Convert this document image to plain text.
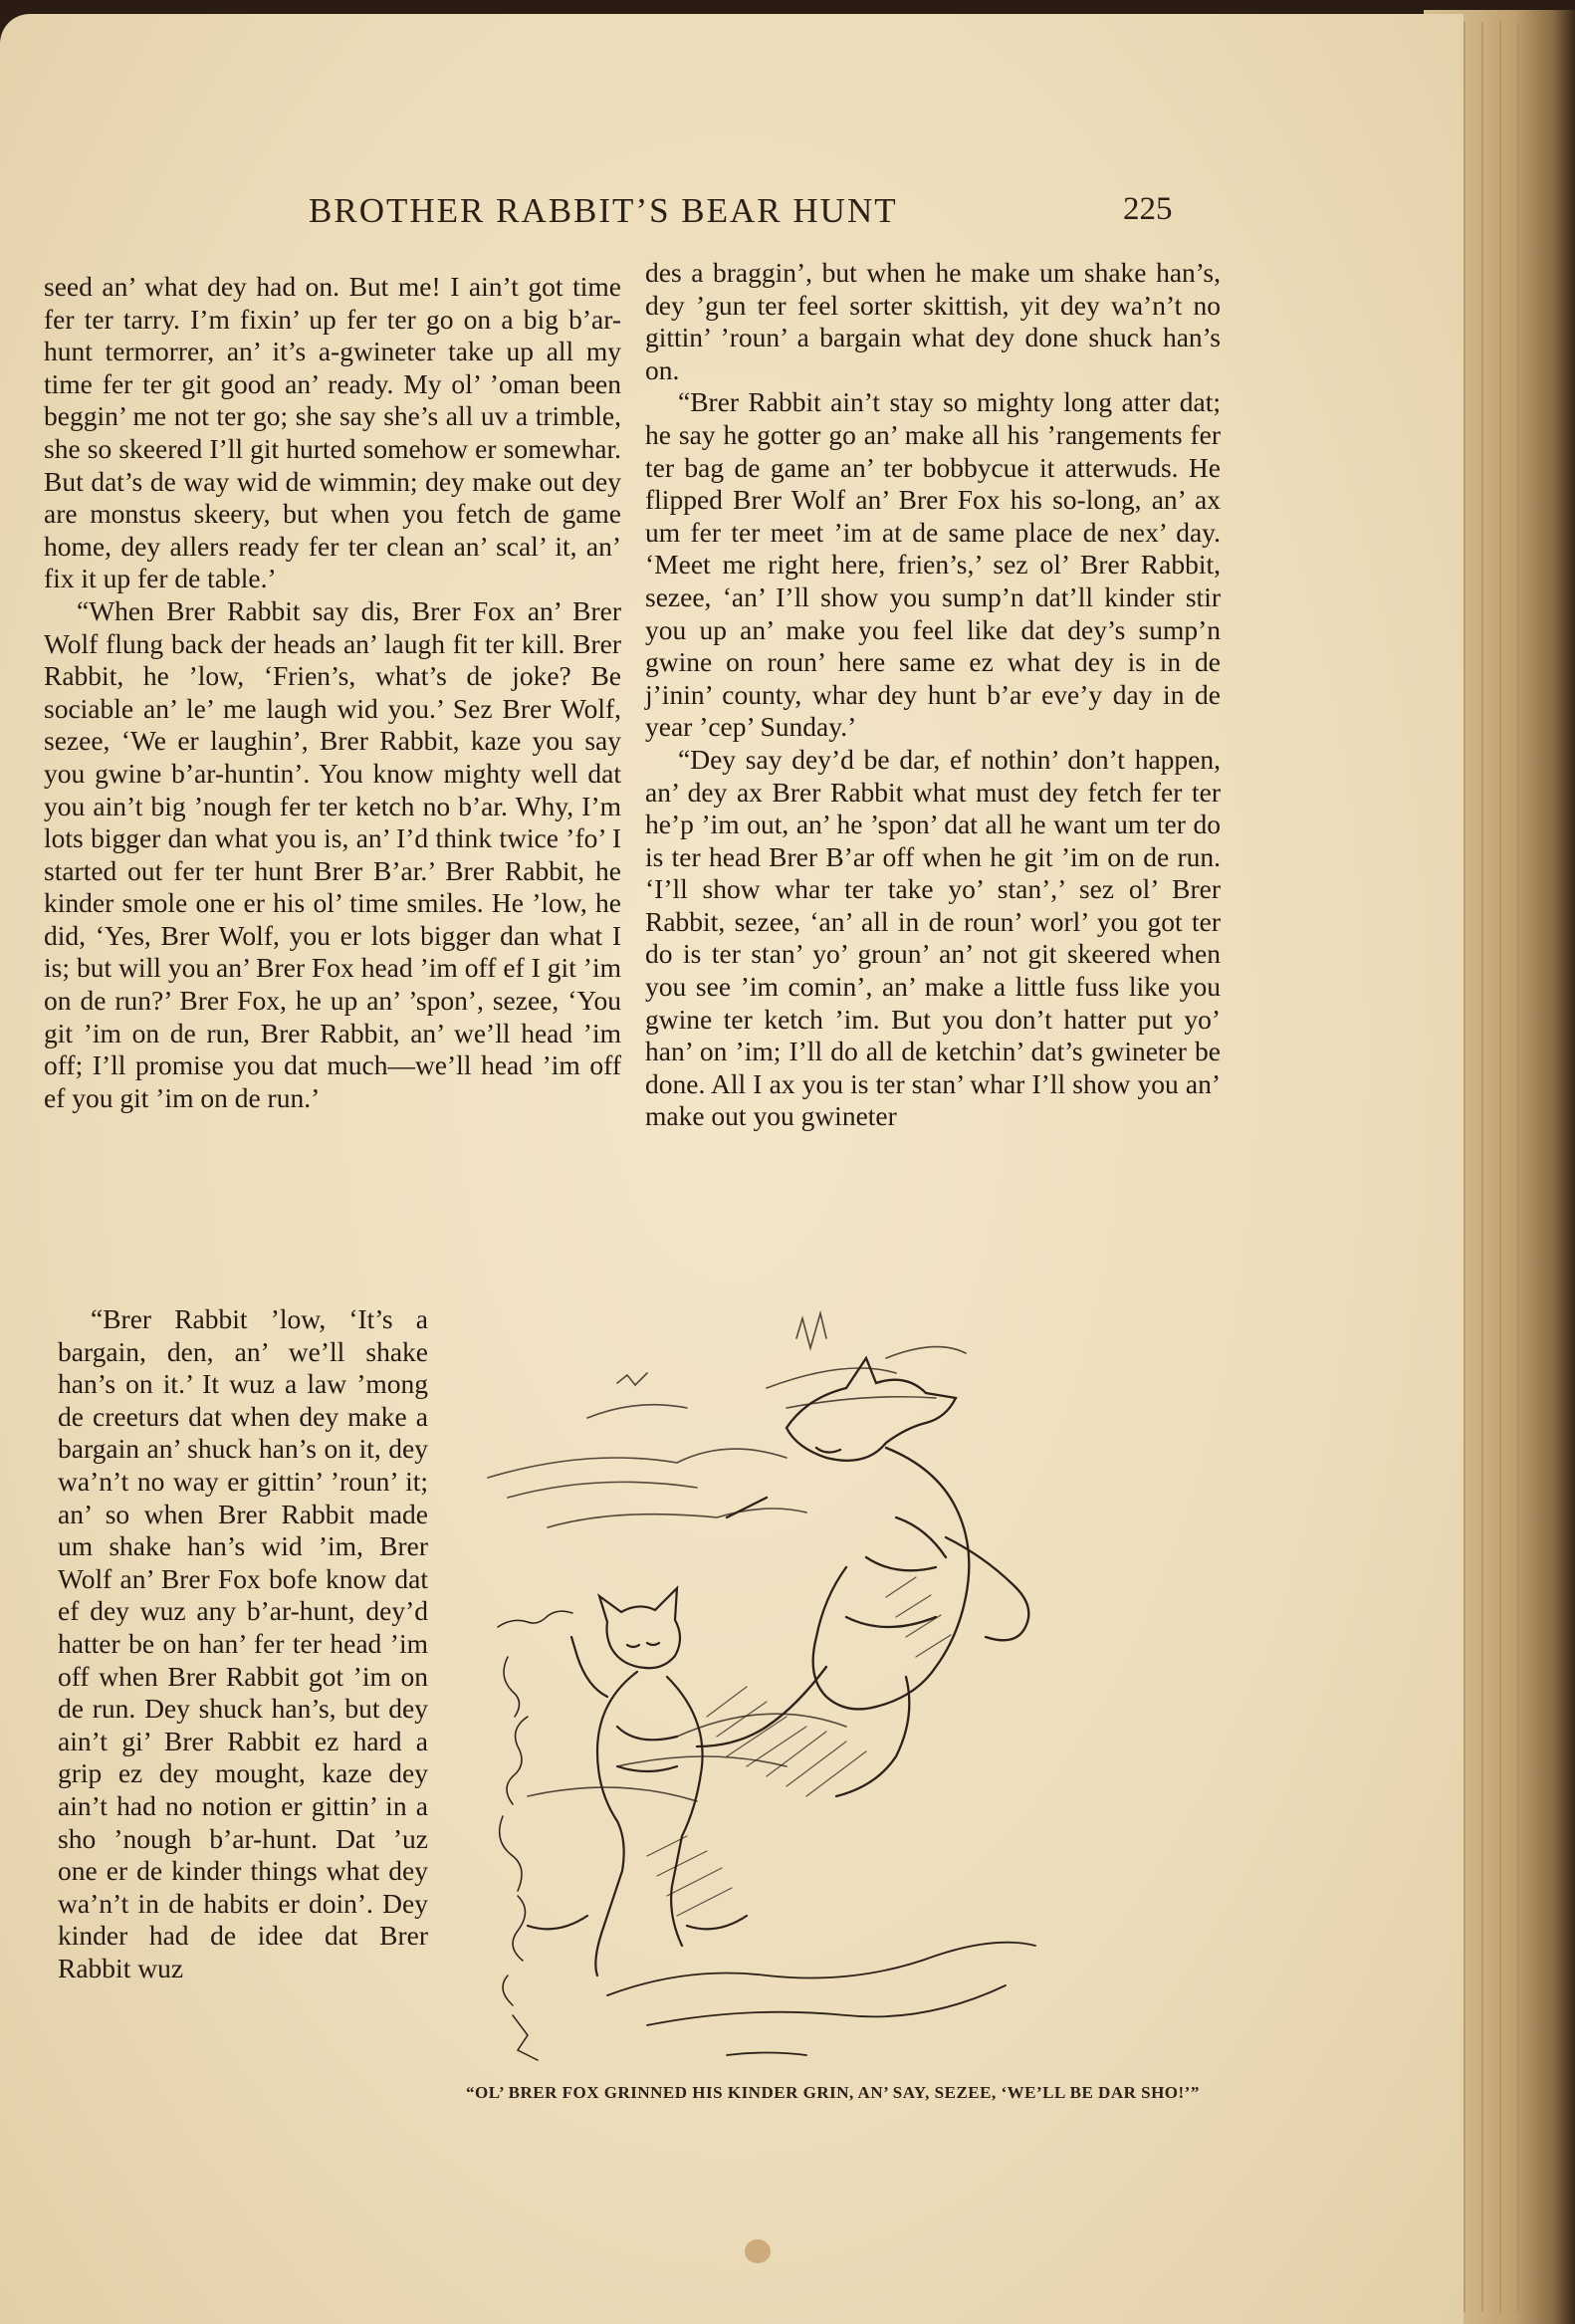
BROTHER RABBIT’S BEAR HUNT	225

seed an’ what dey had on. But me! I ain’t got time fer ter tarry. I’m fixin’ up fer ter go on a big b’ar-hunt termorrer, an’ it’s a-gwineter take up all my time fer ter git good an’ ready. My ol’ ’oman been beggin’ me not ter go; she say she’s all uv a trimble, she so skeered I’ll git hurted somehow er somewhar. But dat’s de way wid de wimmin; dey make out dey are monstus skeery, but when you fetch de game home, dey allers ready fer ter clean an’ scal’ it, an’ fix it up fer de table.’

“When Brer Rabbit say dis, Brer Fox an’ Brer Wolf flung back der heads an’ laugh fit ter kill. Brer Rabbit, he ’low, ‘Frien’s, what’s de joke? Be sociable an’ le’ me laugh wid you.’ Sez Brer Wolf, sezee, ‘We er laughin’, Brer Rabbit, kaze you say you gwine b’ar-huntin’. You know mighty well dat you ain’t big ’nough fer ter ketch no b’ar. Why, I’m lots bigger dan what you is, an’ I’d think twice ’fo’ I started out fer ter hunt Brer B’ar.’ Brer Rabbit, he kinder smole one er his ol’ time smiles. He ’low, he did, ‘Yes, Brer Wolf, you er lots bigger dan what I is; but will you an’ Brer Fox head ’im off ef I git ’im on de run?’ Brer Fox, he up an’ ’spon’, sezee, ‘You git ’im on de run, Brer Rabbit, an’ we’ll head ’im off; I’ll promise you dat much—we’ll head ’im off ef you git ’im on de run.’

“Brer Rabbit ’low, ‘It’s a bargain, den, an’ we’ll shake han’s on it.’ It wuz a law ’mong de creeturs dat when dey make a bargain an’ shuck han’s on it, dey wa’n’t no way er gittin’ ’roun’ it; an’ so when Brer Rabbit made um shake han’s wid ’im, Brer Wolf an’ Brer Fox bofe know dat ef dey wuz any b’ar-hunt, dey’d hatter be on han’ fer ter head ’im off when Brer Rabbit got ’im on de run. Dey shuck han’s, but dey ain’t gi’ Brer Rabbit ez hard a grip ez dey mought, kaze dey ain’t had no notion er gittin’ in a sho ’nough b’ar-hunt. Dat ’uz one er de kinder things what dey wa’n’t in de habits er doin’. Dey kinder had de idee dat Brer Rabbit wuz

des a braggin’, but when he make um shake han’s, dey ’gun ter feel sorter skittish, yit dey wa’n’t no gittin’ ’roun’ a bargain what dey done shuck han’s on.

“Brer Rabbit ain’t stay so mighty long atter dat; he say he gotter go an’ make all his ’rangements fer ter bag de game an’ ter bobbycue it atterwuds. He flipped Brer Wolf an’ Brer Fox his so-long, an’ ax um fer ter meet ’im at de same place de nex’ day. ‘Meet me right here, frien’s,’ sez ol’ Brer Rabbit, sezee, ‘an’ I’ll show you sump’n dat’ll kinder stir you up an’ make you feel like dat dey’s sump’n gwine on roun’ here same ez what dey is in de j’inin’ county, whar dey hunt b’ar eve’y day in de year ’cep’ Sunday.’

“Dey say dey’d be dar, ef nothin’ don’t happen, an’ dey ax Brer Rabbit what must dey fetch fer ter he’p ’im out, an’ he ’spon’ dat all he want um ter do is ter head Brer B’ar off when he git ’im on de run. ‘I’ll show whar ter take yo’ stan’,’ sez ol’ Brer Rabbit, sezee, ‘an’ all in de roun’ worl’ you got ter do is ter stan’ yo’ groun’ an’ not git skeered when you see ’im comin’, an’ make a little fuss like you gwine ter ketch ’im. But you don’t hatter put yo’ han’ on ’im; I’ll do all de ketchin’ dat’s gwineter be done. All I ax you is ter stan’ whar I’ll show you an’ make out you gwineter

“OL’ BRER FOX GRINNED HIS KINDER GRIN, AN’ SAY, SEZEE, ‘WE’LL BE DAR SHO!’”
